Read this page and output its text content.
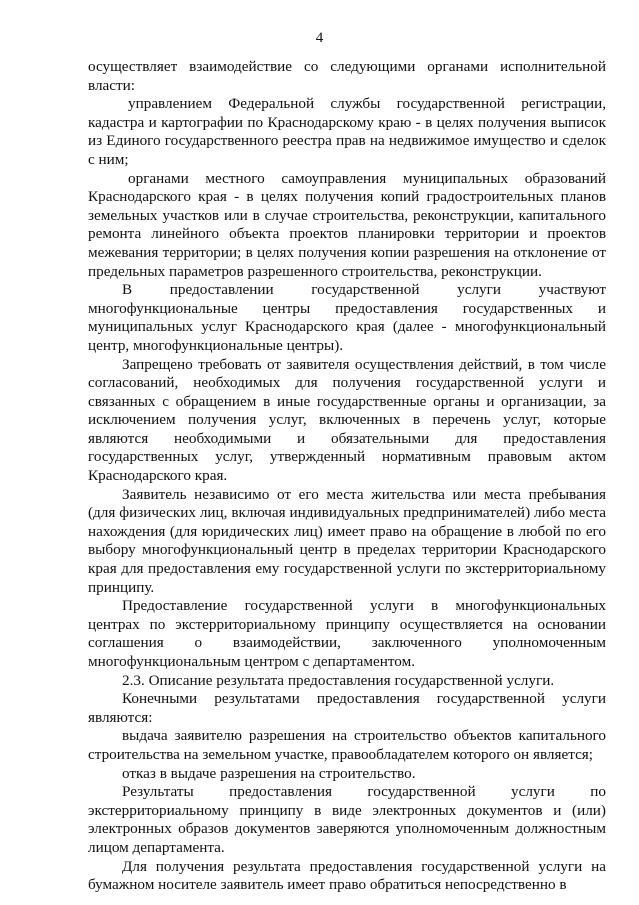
4

осуществляет взаимодействие со следующими органами исполнительной власти:

управлением Федеральной службы государственной регистрации, кадастра и картографии по Краснодарскому краю - в целях получения выписок из Единого государственного реестра прав на недвижимое имущество и сделок с ним;

органами местного самоуправления муниципальных образований Краснодарского края - в целях получения копий градостроительных планов земельных участков или в случае строительства, реконструкции, капитального ремонта линейного объекта проектов планировки территории и проектов межевания территории; в целях получения копии разрешения на отклонение от предельных параметров разрешенного строительства, реконструкции.

В предоставлении государственной услуги участвуют многофункциональные центры предоставления государственных и муниципальных услуг Краснодарского края (далее - многофункциональный центр, многофункциональные центры).

Запрещено требовать от заявителя осуществления действий, в том числе согласований, необходимых для получения государственной услуги и связанных с обращением в иные государственные органы и организации, за исключением получения услуг, включенных в перечень услуг, которые являются необходимыми и обязательными для предоставления государственных услуг, утвержденный нормативным правовым актом Краснодарского края.

Заявитель независимо от его места жительства или места пребывания (для физических лиц, включая индивидуальных предпринимателей) либо места нахождения (для юридических лиц) имеет право на обращение в любой по его выбору многофункциональный центр в пределах территории Краснодарского края для предоставления ему государственной услуги по экстерриториальному принципу.

Предоставление государственной услуги в многофункциональных центрах по экстерриториальному принципу осуществляется на основании соглашения о взаимодействии, заключенного уполномоченным многофункциональным центром с департаментом.

2.3. Описание результата предоставления государственной услуги.

Конечными результатами предоставления государственной услуги являются:

выдача заявителю разрешения на строительство объектов капитального строительства на земельном участке, правообладателем которого он является;

отказ в выдаче разрешения на строительство.

Результаты предоставления государственной услуги по экстерриториальному принципу в виде электронных документов и (или) электронных образов документов заверяются уполномоченным должностным лицом департамента.

Для получения результата предоставления государственной услуги на бумажном носителе заявитель имеет право обратиться непосредственно в
